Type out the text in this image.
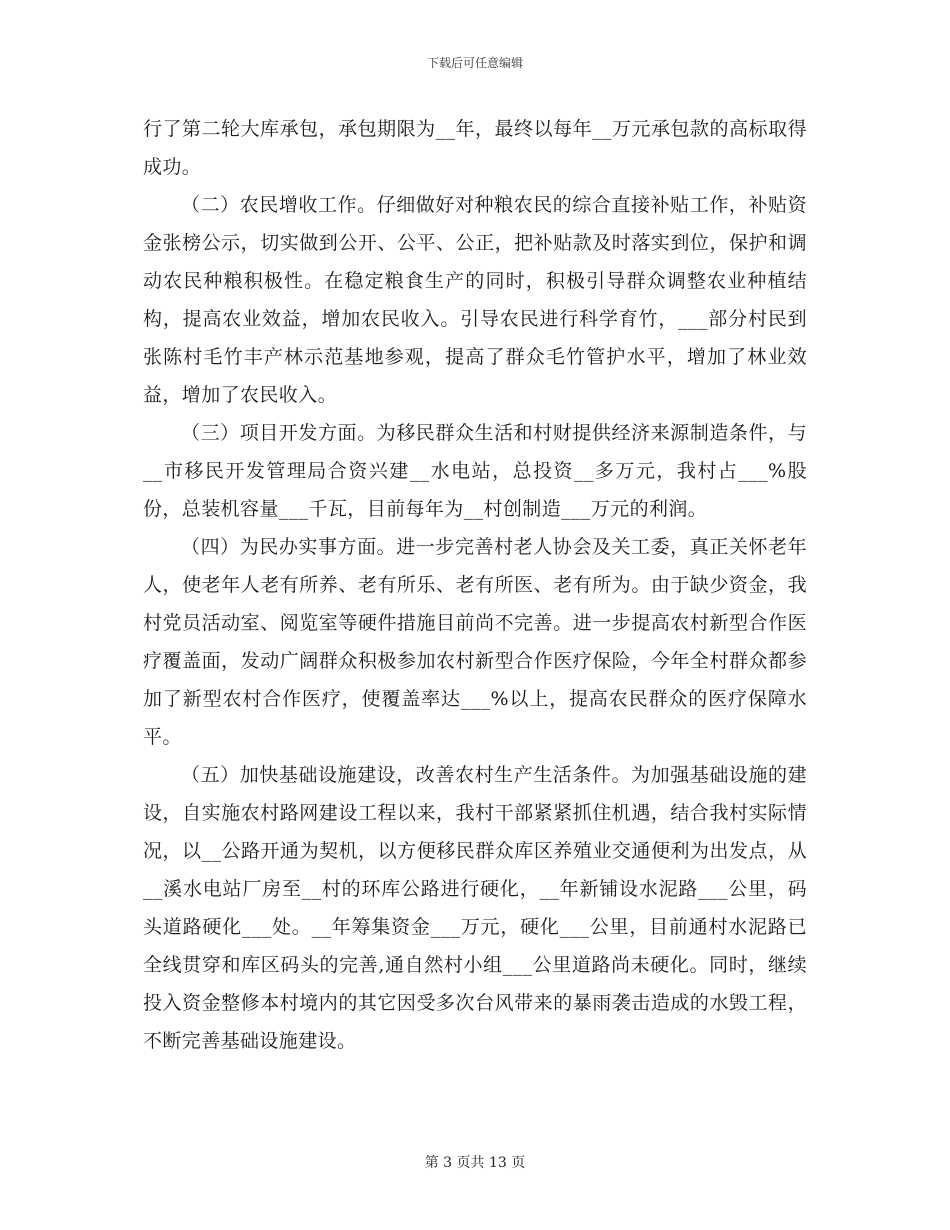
下载后可任意编辑

行了第二轮大库承包，承包期限为__年，最终以每年__万元承包款的高标取得成功。

（二）农民增收工作。仔细做好对种粮农民的综合直接补贴工作，补贴资金张榜公示，切实做到公开、公平、公正，把补贴款及时落实到位，保护和调动农民种粮积极性。在稳定粮食生产的同时，积极引导群众调整农业种植结构，提高农业效益，增加农民收入。引导农民进行科学育竹，___部分村民到张陈村毛竹丰产林示范基地参观，提高了群众毛竹管护水平，增加了林业效益，增加了农民收入。

（三）项目开发方面。为移民群众生活和村财提供经济来源制造条件，与__市移民开发管理局合资兴建__水电站，总投资__多万元，我村占___%股份，总装机容量___千瓦，目前每年为__村创制造___万元的利润。

（四）为民办实事方面。进一步完善村老人协会及关工委，真正关怀老年人，使老年人老有所养、老有所乐、老有所医、老有所为。由于缺少资金，我村党员活动室、阅览室等硬件措施目前尚不完善。进一步提高农村新型合作医疗覆盖面，发动广阔群众积极参加农村新型合作医疗保险，今年全村群众都参加了新型农村合作医疗，使覆盖率达___%以上，提高农民群众的医疗保障水平。

（五）加快基础设施建设，改善农村生产生活条件。为加强基础设施的建设，自实施农村路网建设工程以来，我村干部紧紧抓住机遇，结合我村实际情况，以__公路开通为契机，以方便移民群众库区养殖业交通便利为出发点，从__溪水电站厂房至__村的环库公路进行硬化，__年新铺设水泥路___公里，码头道路硬化___处。__年筹集资金___万元，硬化___公里，目前通村水泥路已全线贯穿和库区码头的完善,通自然村小组___公里道路尚未硬化。同时，继续投入资金整修本村境内的其它因受多次台风带来的暴雨袭击造成的水毁工程，不断完善基础设施建设。

第 3 页共 13 页
